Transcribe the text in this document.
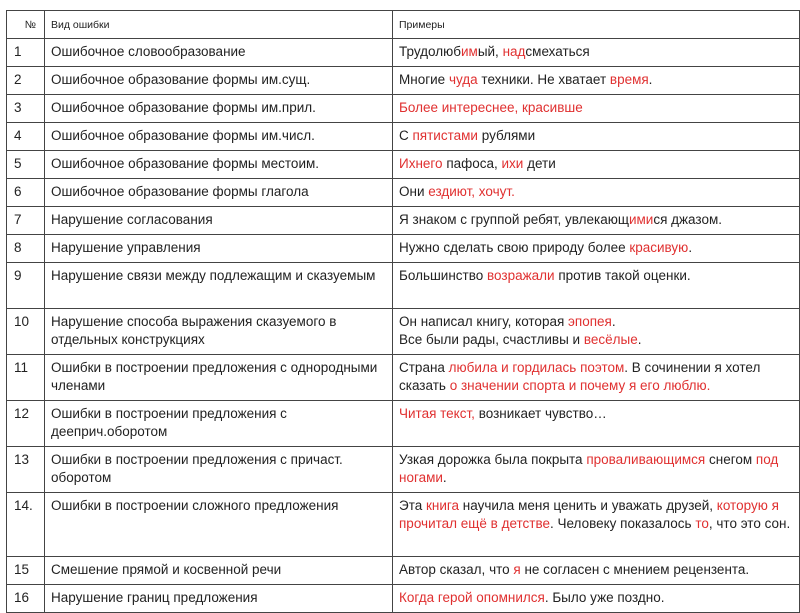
№	Вид ошибки	Примеры
1	Ошибочное словообразование	Трудолюбимый, надсмехаться

2	Ошибочное образование формы им.сущ.	Многие чуда техники. Не хватает время.

3	Ошибочное образование формы им.прил.	Более интереснее, красивше

4	Ошибочное образование формы им.числ.	С пятистами рублями

5	Ошибочное образование формы местоим.	Ихнего пафоса, ихи дети

6	Ошибочное образование формы глагола	Они ездиют, хочут.

7	Нарушение согласования	Я знаком с группой ребят, увлекающимися джазом.

8	Нарушение управления	Нужно сделать свою природу более красивую.

9	Нарушение связи между подлежащим и сказуемым	Большинство возражали против такой оценки.

10	Нарушение способа выражения сказуемого в отдельных конструкциях	Он написал книгу, которая эпопея.
Все были рады, счастливы и весёлые.

11	Ошибки в построении предложения с однородными членами	Страна любила и гордилась поэтом. В сочинении я хотел сказать о значении спорта и почему я его люблю.

12	Ошибки в построении предложения с дееприч.оборотом	Читая текст, возникает чувство…

13	Ошибки в построении предложения с причаст. оборотом	Узкая дорожка была покрыта проваливающимся снегом под ногами.

14.	Ошибки в построении сложного предложения	Эта книга научила меня ценить и уважать друзей, которую я прочитал ещё в детстве. Человеку показалось то, что это сон.

15	Смешение прямой и косвенной речи	Автор сказал, что я не согласен с мнением рецензента.

16	Нарушение границ предложения	Когда герой опомнился. Было уже поздно.
